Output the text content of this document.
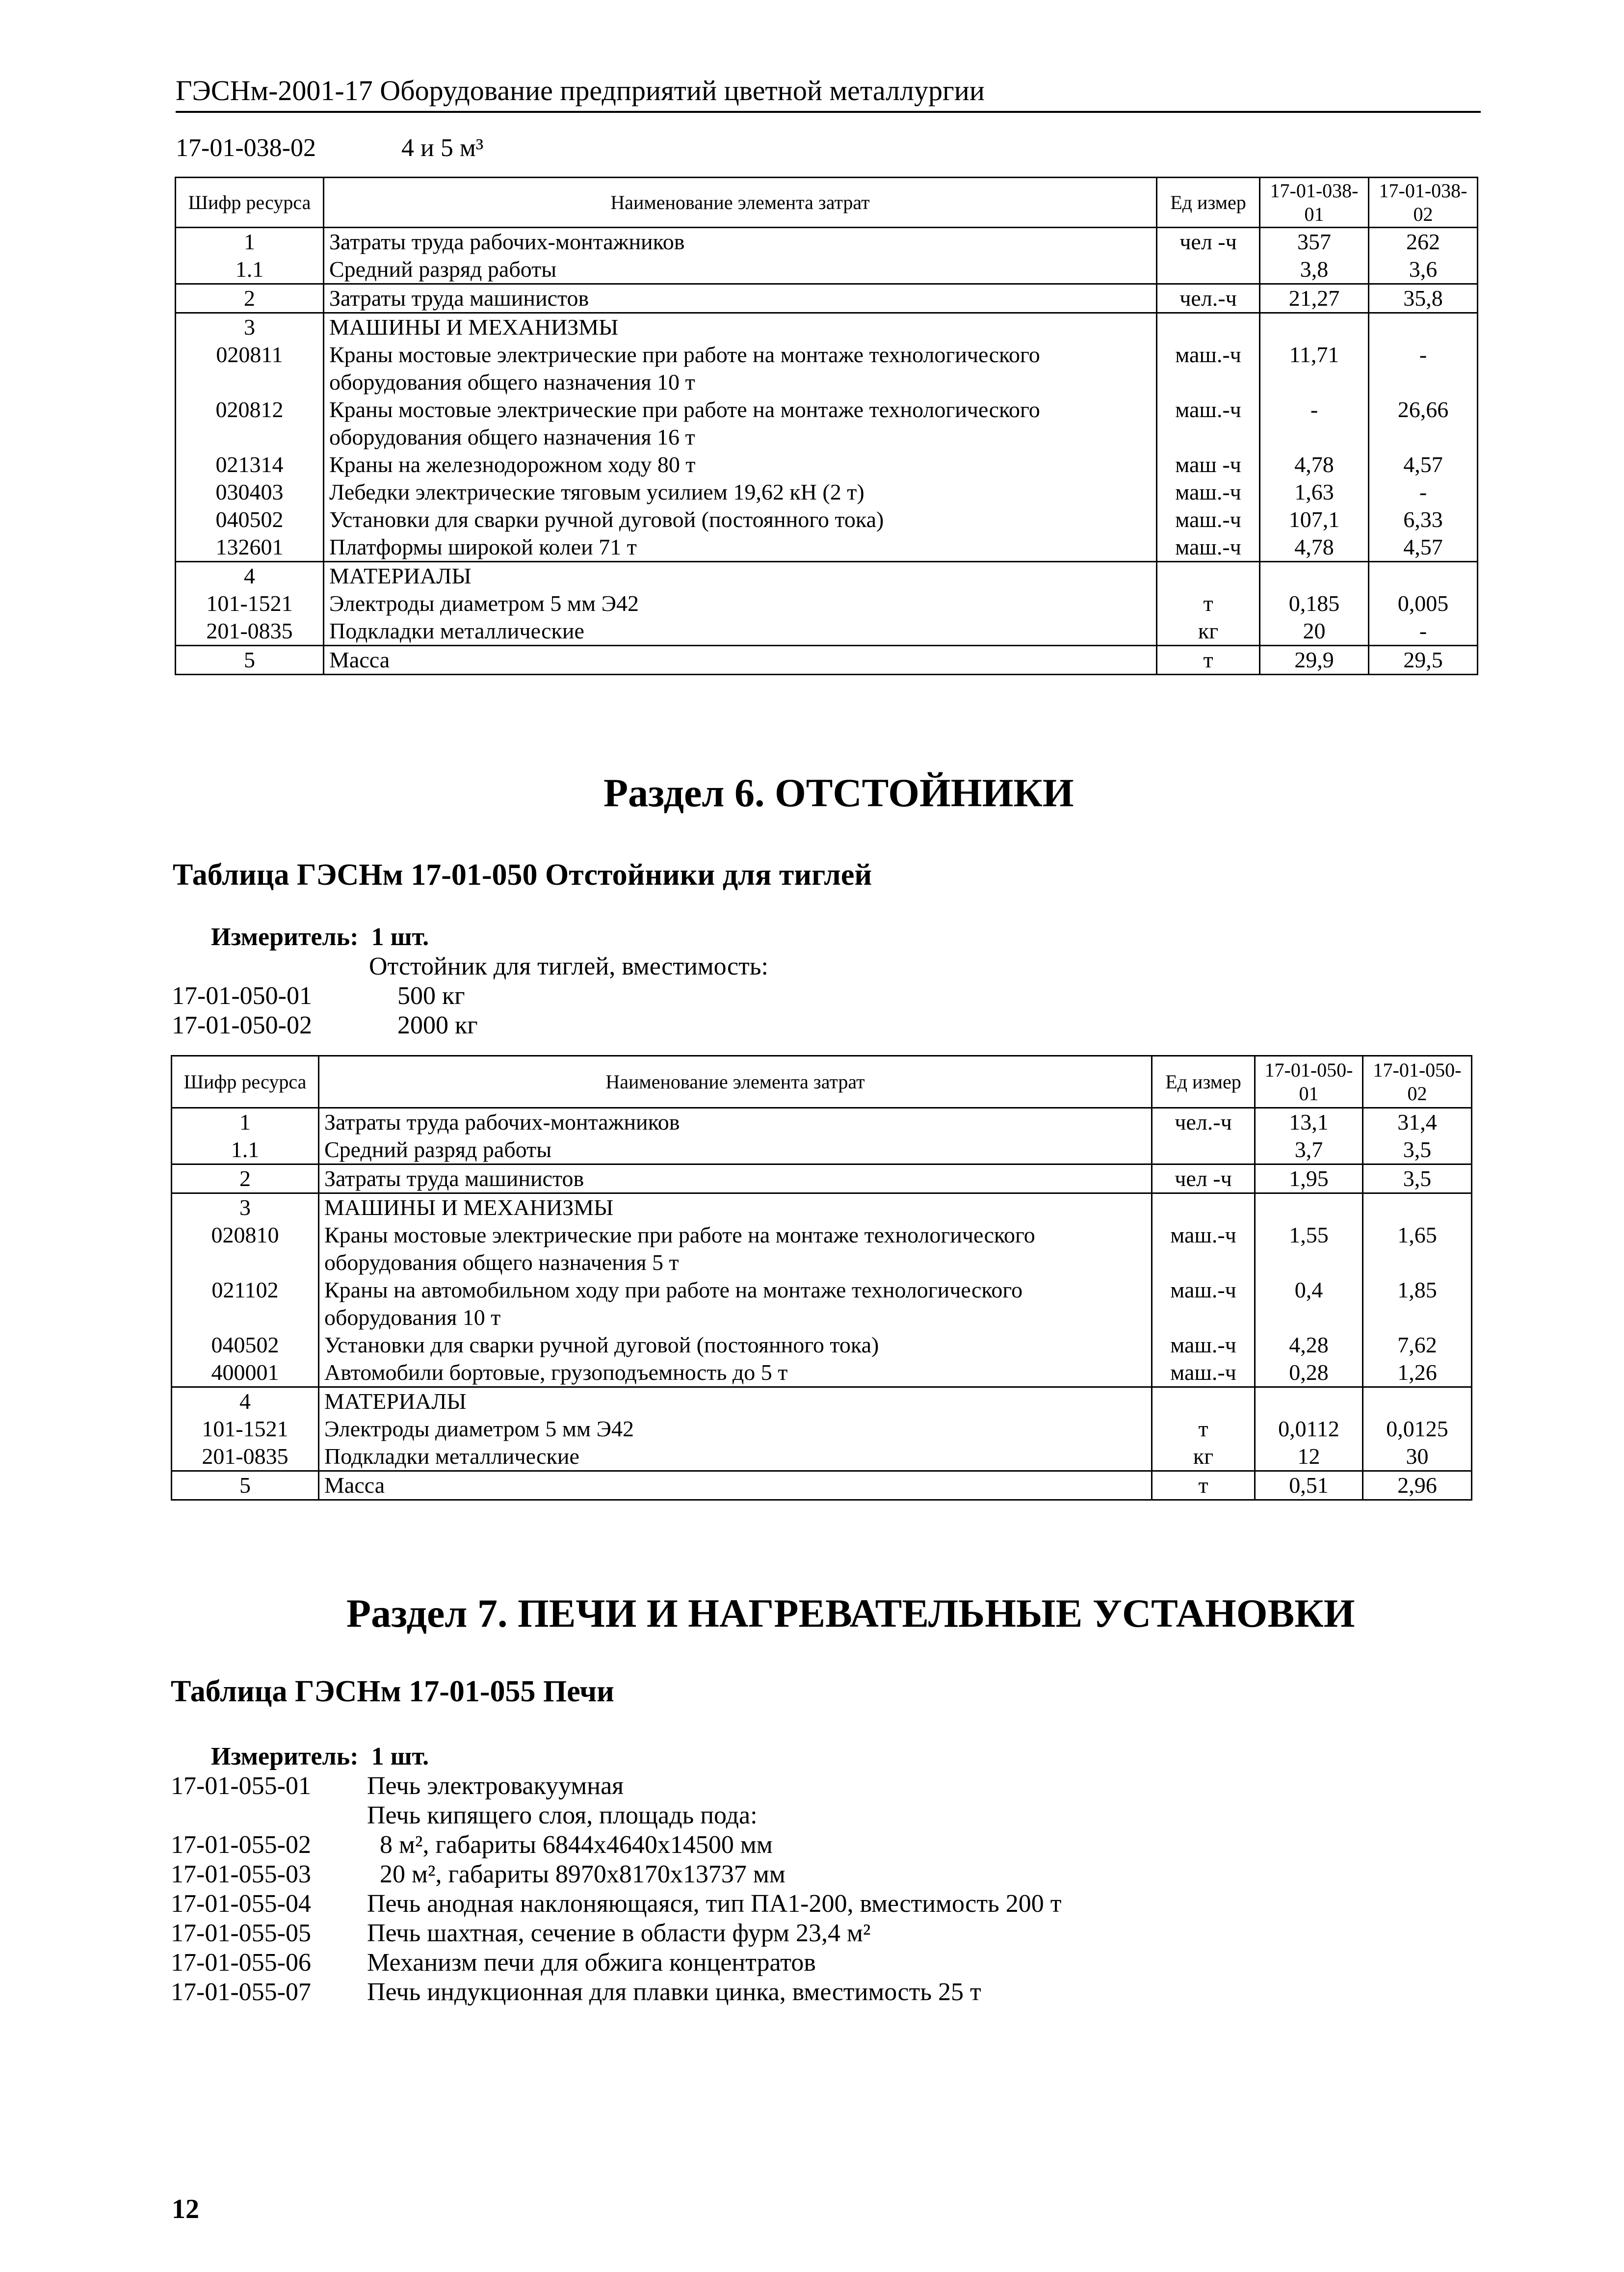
ГЭСНм-2001-17 Оборудование предприятий цветной металлургии
17-01-038-02	4 и 5 м³
Шифр ресурса	Наименование элемента затрат	Ед измер	17-01-038-01	17-01-038-02
1	Затраты труда рабочих-монтажников	чел -ч	357	262
1.1	Средний разряд работы		3,8	3,6
2	Затраты труда машинистов	чел.-ч	21,27	35,8
3	МАШИНЫ И МЕХАНИЗМЫ			
020811	Краны мостовые электрические при работе на монтаже технологического оборудования общего назначения 10 т	маш.-ч	11,71	-
020812	Краны мостовые электрические при работе на монтаже технологического оборудования общего назначения 16 т	маш.-ч	-	26,66
021314	Краны на железнодорожном ходу 80 т	маш -ч	4,78	4,57
030403	Лебедки электрические тяговым усилием 19,62 кН (2 т)	маш.-ч	1,63	-
040502	Установки для сварки ручной дуговой (постоянного тока)	маш.-ч	107,1	6,33
132601	Платформы широкой колеи 71 т	маш.-ч	4,78	4,57
4	МАТЕРИАЛЫ			
101-1521	Электроды диаметром 5 мм Э42	т	0,185	0,005
201-0835	Подкладки металлические	кг	20	-
5	Масса	т	29,9	29,5
Раздел 6. ОТСТОЙНИКИ
Таблица ГЭСНм 17-01-050 Отстойники для тиглей
Измеритель: 1 шт.
Отстойник для тиглей, вместимость:
17-01-050-01	500 кг
17-01-050-02	2000 кг
Шифр ресурса	Наименование элемента затрат	Ед измер	17-01-050-01	17-01-050-02
1	Затраты труда рабочих-монтажников	чел.-ч	13,1	31,4
1.1	Средний разряд работы		3,7	3,5
2	Затраты труда машинистов	чел -ч	1,95	3,5
3	МАШИНЫ И МЕХАНИЗМЫ			
020810	Краны мостовые электрические при работе на монтаже технологического оборудования общего назначения 5 т	маш.-ч	1,55	1,65
021102	Краны на автомобильном ходу при работе на монтаже технологического оборудования 10 т	маш.-ч	0,4	1,85
040502	Установки для сварки ручной дуговой (постоянного тока)	маш.-ч	4,28	7,62
400001	Автомобили бортовые, грузоподъемность до 5 т	маш.-ч	0,28	1,26
4	МАТЕРИАЛЫ			
101-1521	Электроды диаметром 5 мм Э42	т	0,0112	0,0125
201-0835	Подкладки металлические	кг	12	30
5	Масса	т	0,51	2,96
Раздел 7. ПЕЧИ И НАГРЕВАТЕЛЬНЫЕ УСТАНОВКИ
Таблица ГЭСНм 17-01-055 Печи
Измеритель: 1 шт.
17-01-055-01 Печь электровакуумная
Печь кипящего слоя, площадь пода:
17-01-055-02  8 м², габариты 6844x4640x14500 мм
17-01-055-03  20 м², габариты 8970x8170x13737 мм
17-01-055-04 Печь анодная наклоняющаяся, тип ПА1-200, вместимость 200 т
17-01-055-05 Печь шахтная, сечение в области фурм 23,4 м²
17-01-055-06 Механизм печи для обжига концентратов
17-01-055-07 Печь индукционная для плавки цинка, вместимость 25 т
12
